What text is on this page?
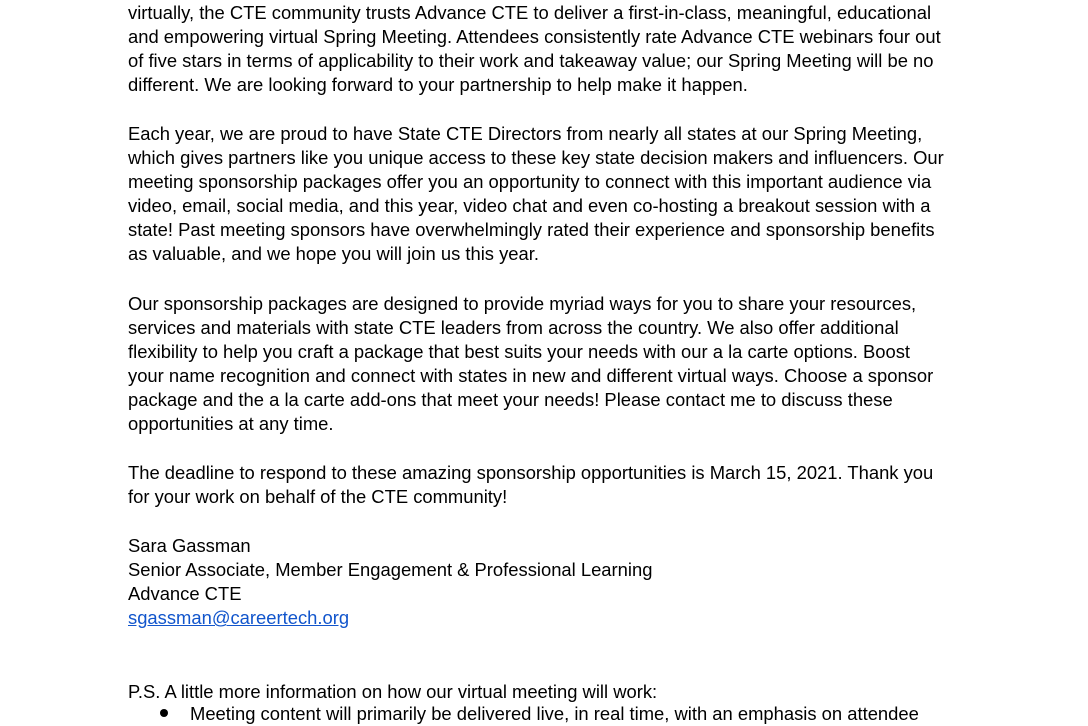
virtually, the CTE community trusts Advance CTE to deliver a first-in-class, meaningful, educational
and empowering virtual Spring Meeting. Attendees consistently rate Advance CTE webinars four out
of five stars in terms of applicability to their work and takeaway value; our Spring Meeting will be no
different. We are looking forward to your partnership to help make it happen.
Each year, we are proud to have State CTE Directors from nearly all states at our Spring Meeting,
which gives partners like you unique access to these key state decision makers and influencers. Our
meeting sponsorship packages offer you an opportunity to connect with this important audience via
video, email, social media, and this year, video chat and even co-hosting a breakout session with a
state! Past meeting sponsors have overwhelmingly rated their experience and sponsorship benefits
as valuable, and we hope you will join us this year.
Our sponsorship packages are designed to provide myriad ways for you to share your resources,
services and materials with state CTE leaders from across the country. We also offer additional
flexibility to help you craft a package that best suits your needs with our a la carte options. Boost
your name recognition and connect with states in new and different virtual ways. Choose a sponsor
package and the a la carte add-ons that meet your needs! Please contact me to discuss these
opportunities at any time.
The deadline to respond to these amazing sponsorship opportunities is March 15, 2021. Thank you
for your work on behalf of the CTE community!
Sara Gassman
Senior Associate, Member Engagement & Professional Learning
Advance CTE
sgassman@careertech.org
P.S. A little more information on how our virtual meeting will work:
Meeting content will primarily be delivered live, in real time, with an emphasis on attendee
